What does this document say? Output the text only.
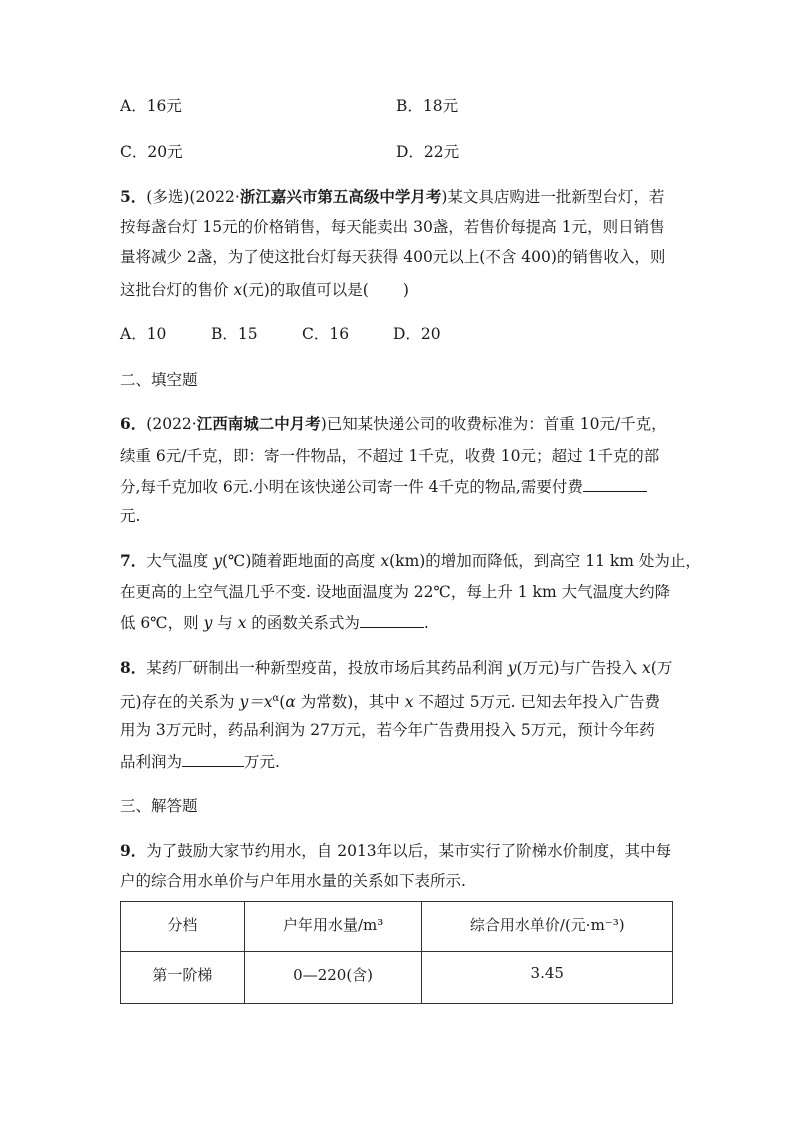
A．16元	B．18元
C．20元	D．22元
5．(多选)(2022·浙江嘉兴市第五高级中学月考)某文具店购进一批新型台灯，若
按每盏台灯 15元的价格销售，每天能卖出 30盏，若售价每提高 1元，则日销售
量将减少 2盏，为了使这批台灯每天获得 400元以上(不含 400)的销售收入，则
这批台灯的售价 x(元)的取值可以是( )
A．10	B．15	C．16	D．20
二、填空题
6．(2022·江西南城二中月考)已知某快递公司的收费标准为：首重 10元/千克，
续重 6元/千克，即：寄一件物品，不超过 1千克，收费 10元；超过 1千克的部
分,每千克加收 6元.小明在该快递公司寄一件 4千克的物品,需要付费
元.
7．大气温度 y(℃)随着距地面的高度 x(km)的增加而降低，到高空 11 km 处为止，
在更高的上空气温几乎不变. 设地面温度为 22℃，每上升 1 km 大气温度大约降
低 6℃，则 y 与 x 的函数关系式为	.
8．某药厂研制出一种新型疫苗，投放市场后其药品利润 y(万元)与广告投入 x(万
元)存在的关系为 $y=x^\alpha(\alpha$ 为常数)，其中 x 不超过 5万元. 已知去年投入广告费
用为 3万元时，药品利润为 27万元，若今年广告费用投入 5万元，预计今年药
品利润为	万元.
三、解答题
9．为了鼓励大家节约用水，自 2013年以后，某市实行了阶梯水价制度，其中每
户的综合用水单价与户年用水量的关系如下表所示.
分档	户年用水量/m³	综合用水单价/(元·m⁻³)
第一阶梯	0—220(含)	3.45
